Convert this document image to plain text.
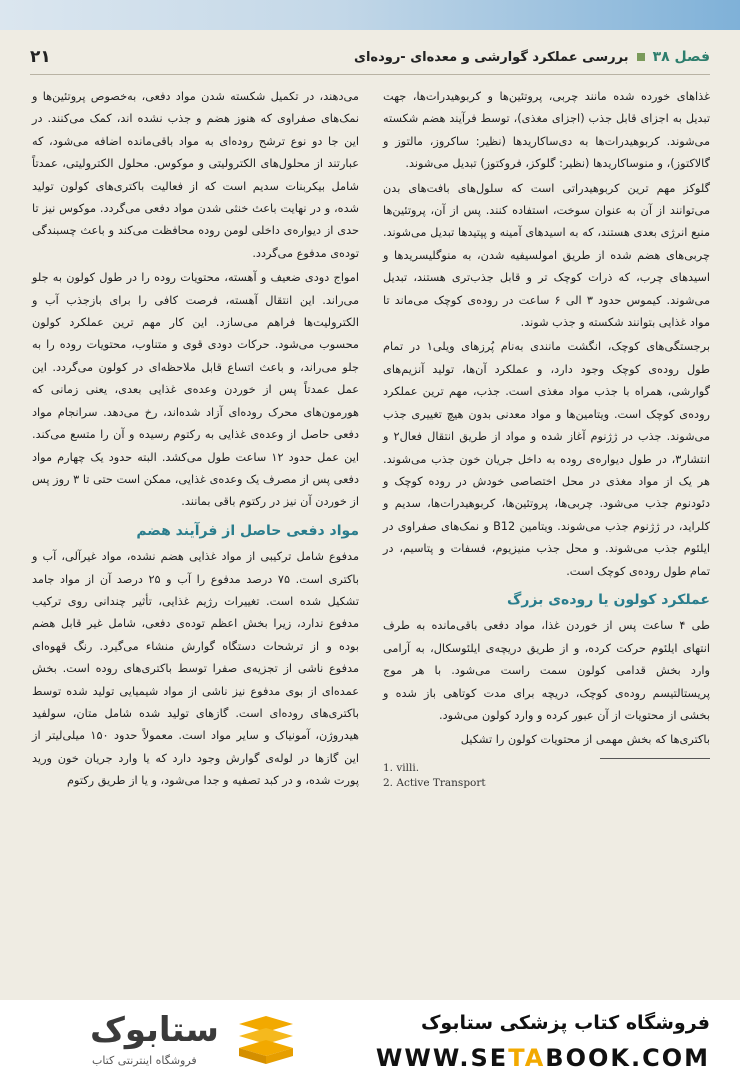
فصل ۳۸
بررسی عملکرد گوارشی و معده‌ای -روده‌ای
۲۱

غذاهای خورده شده مانند چربی، پروتئین‌ها و کربوهیدرات‌ها، جهت تبدیل به اجزای قابل جذب (اجزای مغذی)، توسط فرآیند هضم شکسته می‌شوند. کربوهیدرات‌ها به دی‌ساکاریدها (نظیر: ساکروز، مالتوز و گالاکتوز)، و منوساکاریدها (نظیر: گلوکز، فروکتوز) تبدیل می‌شوند.

گلوکز مهم ترین کربوهیدراتی است که سلول‌های بافت‌های بدن می‌توانند از آن به عنوان سوخت، استفاده کنند. پس از آن، پروتئین‌ها منبع انرژی بعدی هستند، که به اسیدهای آمینه و پپتیدها تبدیل می‌شوند. چربی‌های هضم شده از طریق امولسیفیه شدن، به منوگلیسریدها و اسیدهای چرب، که ذرات کوچک تر و قابل جذب‌تری هستند، تبدیل می‌شوند. کیموس حدود ۳ الی ۶ ساعت در روده‌ی کوچک می‌ماند تا مواد غذایی بتوانند شکسته و جذب شوند.

برجستگی‌های کوچک، انگشت مانندی به‌نام پُرزهای ویلی۱ در تمام طول روده‌ی کوچک وجود دارد، و عملکرد آن‌ها، تولید آنزیم‌های گوارشی، همراه با جذب مواد مغذی است. جذب، مهم ترین عملکرد روده‌ی کوچک است. ویتامین‌ها و مواد معدنی بدون هیچ تغییری جذب می‌شوند. جذب در ژژنوم آغاز شده و مواد از طریق انتقال فعال۲ و انتشار۳، در طول دیواره‌ی روده به داخل جریان خون جذب می‌شوند. هر یک از مواد مغذی در محل اختصاصی خودش در روده کوچک و دئودنوم جذب می‌شود. چربی‌ها، پروتئین‌ها، کربوهیدرات‌ها، سدیم و کلراید، در ژژنوم جذب می‌شوند. ویتامین B12 و نمک‌های صفراوی در ایلئوم جذب می‌شوند. و محل جذب منیزیوم، فسفات و پتاسیم، در تمام طول روده‌ی کوچک است.

عملکرد کولون یا روده‌ی بزرگ

طی ۴ ساعت پس از خوردن غذا، مواد دفعی باقی‌مانده به طرف انتهای ایلئوم حرکت کرده، و از طریق دریچه‌ی ایلئوسکال، به آرامی وارد بخش قدامی کولون سمت راست می‌شود. با هر موج پریستالتیسم روده‌ی کوچک، دریچه برای مدت کوتاهی باز شده و بخشی از محتویات از آن عبور کرده و وارد کولون می‌شود.

باکتری‌ها که بخش مهمی از محتویات کولون را تشکیل

1. villi.
2. Active Transport

می‌دهند، در تکمیل شکسته شدن مواد دفعی، به‌خصوص پروتئین‌ها و نمک‌های صفراوی که هنوز هضم و جذب نشده اند، کمک می‌کنند. در این جا دو نوع ترشح روده‌ای به مواد باقی‌مانده اضافه می‌شود، که عبارتند از محلول‌های الکترولیتی و موکوس. محلول الکترولیتی، عمدتاً شامل بیکربنات سدیم است که از فعالیت باکتری‌های کولون تولید شده، و در نهایت باعث خنثی شدن مواد دفعی می‌گردد. موکوس نیز تا حدی از دیواره‌ی داخلی لومن روده محافظت می‌کند و باعث چسبندگی توده‌ی مدفوع می‌گردد.

امواج دودی ضعیف و آهسته، محتویات روده را در طول کولون به جلو می‌راند. این انتقال آهسته، فرصت کافی را برای بازجذب آب و الکترولیت‌ها فراهم می‌سازد. این کار مهم ترین عملکرد کولون محسوب می‌شود. حرکات دودی قوی و متناوب، محتویات روده را به جلو می‌راند، و باعث اتساع قابل ملاحظه‌ای در کولون می‌گردد. این عمل عمدتاً پس از خوردن وعده‌ی غذایی بعدی، یعنی زمانی که هورمون‌های محرک روده‌ای آزاد شده‌اند، رخ می‌دهد. سرانجام مواد دفعی حاصل از وعده‌ی غذایی به رکتوم رسیده و آن را متسع می‌کند. این عمل حدود ۱۲ ساعت طول می‌کشد. البته حدود یک چهارم مواد دفعی پس از مصرف یک وعده‌ی غذایی، ممکن است حتی تا ۳ روز پس از خوردن آن نیز در رکتوم باقی بمانند.

مواد دفعی حاصل از فرآیند هضم

مدفوع شامل ترکیبی از مواد غذایی هضم نشده، مواد غیرآلی، آب و باکتری است. ۷۵ درصد مدفوع را آب و ۲۵ درصد آن از مواد جامد تشکیل شده است. تغییرات رژیم غذایی، تأثیر چندانی روی ترکیب مدفوع ندارد، زیرا بخش اعظم توده‌ی دفعی، شامل غیر قابل هضم بوده و از ترشحات دستگاه گوارش منشاء می‌گیرد. رنگ قهوه‌ای مدفوع ناشی از تجزیه‌ی صفرا توسط باکتری‌های روده است. بخش عمده‌ای از بوی مدفوع نیز ناشی از مواد شیمیایی تولید شده توسط باکتری‌های روده‌ای است. گازهای تولید شده شامل متان، سولفید هیدروژن، آمونیاک و سایر مواد است. معمولاً حدود ۱۵۰ میلی‌لیتر از این گازها در لوله‌ی گوارش وجود دارد که یا وارد جریان خون ورید پورت شده، و در کبد تصفیه و جدا می‌شود، و یا از طریق رکتوم

ستابوک
فروشگاه اینترنتی کتاب
فروشگاه کتاب پزشکی ستابوک
WWW.SETABOOK.COM
